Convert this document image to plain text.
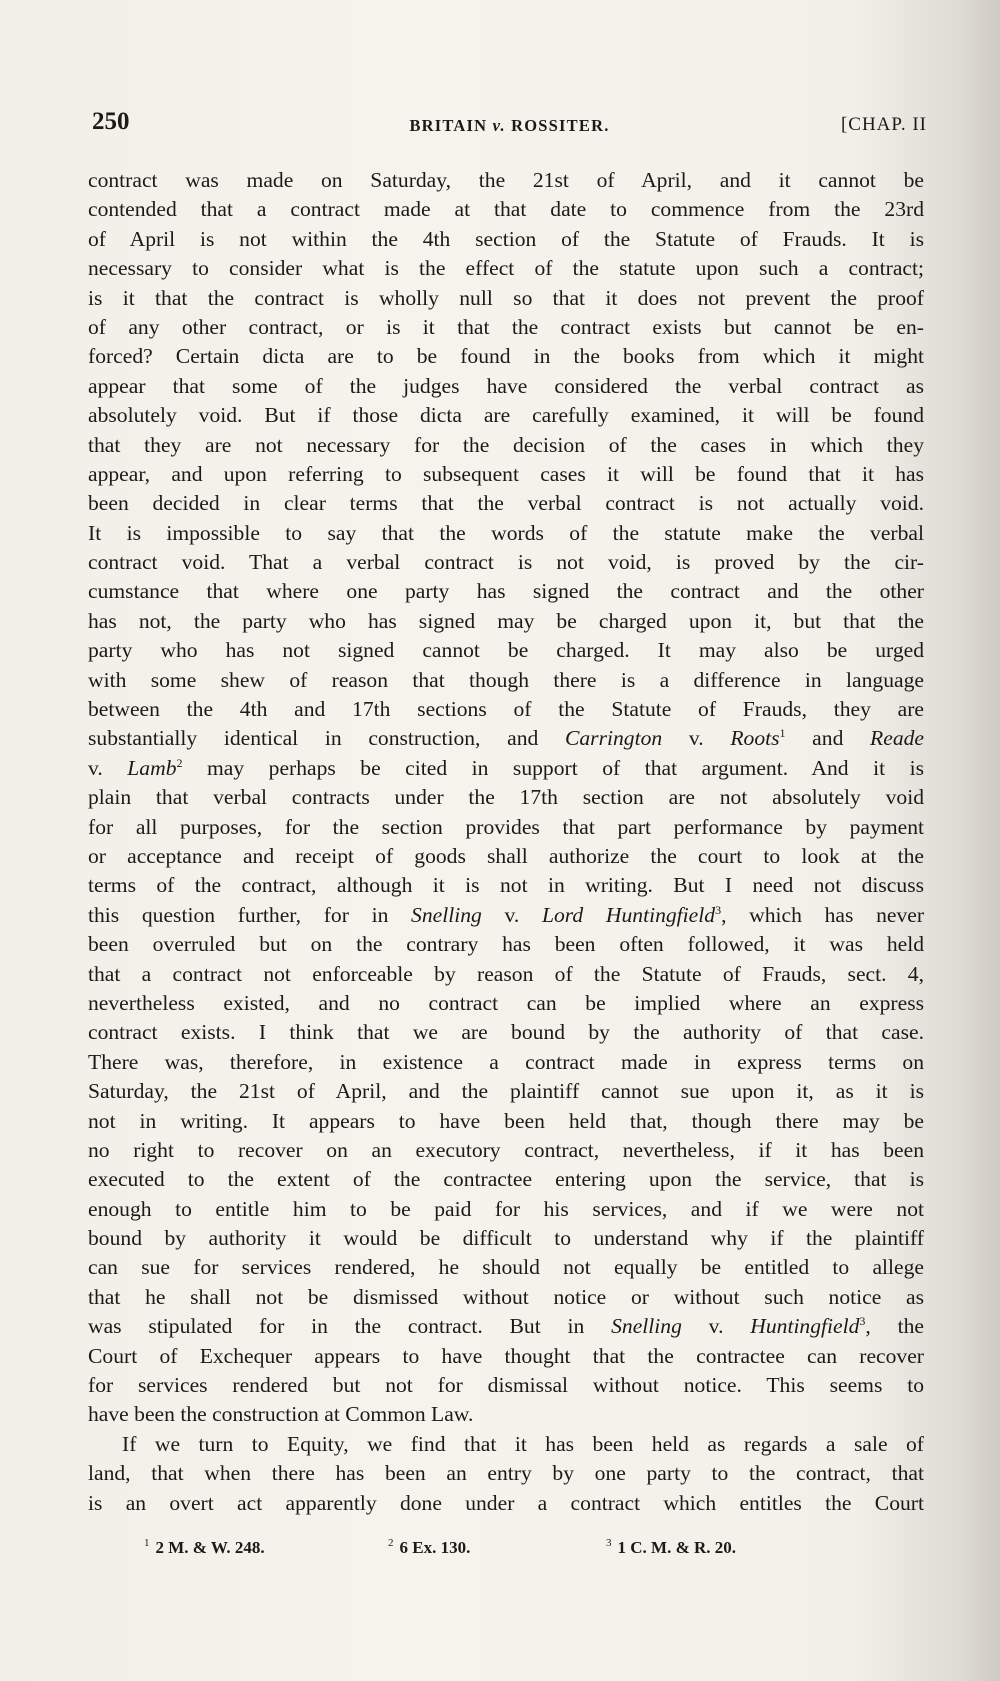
250	BRITAIN v. ROSSITER.	[CHAP. II
contract was made on Saturday, the 21st of April, and it cannot be
contended that a contract made at that date to commence from the 23rd
of April is not within the 4th section of the Statute of Frauds. It is
necessary to consider what is the effect of the statute upon such a contract;
is it that the contract is wholly null so that it does not prevent the proof
of any other contract, or is it that the contract exists but cannot be en-
forced? Certain dicta are to be found in the books from which it might
appear that some of the judges have considered the verbal contract as
absolutely void. But if those dicta are carefully examined, it will be found
that they are not necessary for the decision of the cases in which they
appear, and upon referring to subsequent cases it will be found that it has
been decided in clear terms that the verbal contract is not actually void.
It is impossible to say that the words of the statute make the verbal
contract void. That a verbal contract is not void, is proved by the cir-
cumstance that where one party has signed the contract and the other
has not, the party who has signed may be charged upon it, but that the
party who has not signed cannot be charged. It may also be urged
with some shew of reason that though there is a difference in language
between the 4th and 17th sections of the Statute of Frauds, they are
substantially identical in construction, and Carrington v. Roots$^1$ and Reade
v. Lamb$^2$ may perhaps be cited in support of that argument. And it is
plain that verbal contracts under the 17th section are not absolutely void
for all purposes, for the section provides that part performance by payment
or acceptance and receipt of goods shall authorize the court to look at the
terms of the contract, although it is not in writing. But I need not discuss
this question further, for in Snelling v. Lord Huntingfield$^3$, which has never
been overruled but on the contrary has been often followed, it was held
that a contract not enforceable by reason of the Statute of Frauds, sect. 4,
nevertheless existed, and no contract can be implied where an express
contract exists. I think that we are bound by the authority of that case.
There was, therefore, in existence a contract made in express terms on
Saturday, the 21st of April, and the plaintiff cannot sue upon it, as it is
not in writing. It appears to have been held that, though there may be
no right to recover on an executory contract, nevertheless, if it has been
executed to the extent of the contractee entering upon the service, that is
enough to entitle him to be paid for his services, and if we were not
bound by authority it would be difficult to understand why if the plaintiff
can sue for services rendered, he should not equally be entitled to allege
that he shall not be dismissed without notice or without such notice as
was stipulated for in the contract. But in Snelling v. Huntingfield$^3$, the
Court of Exchequer appears to have thought that the contractee can recover
for services rendered but not for dismissal without notice. This seems to
have been the construction at Common Law.
If we turn to Equity, we find that it has been held as regards a sale of
land, that when there has been an entry by one party to the contract, that
is an overt act apparently done under a contract which entitles the Court
$^1$ 2 M. & W. 248.	$^2$ 6 Ex. 130.	$^3$ 1 C. M. & R. 20.
